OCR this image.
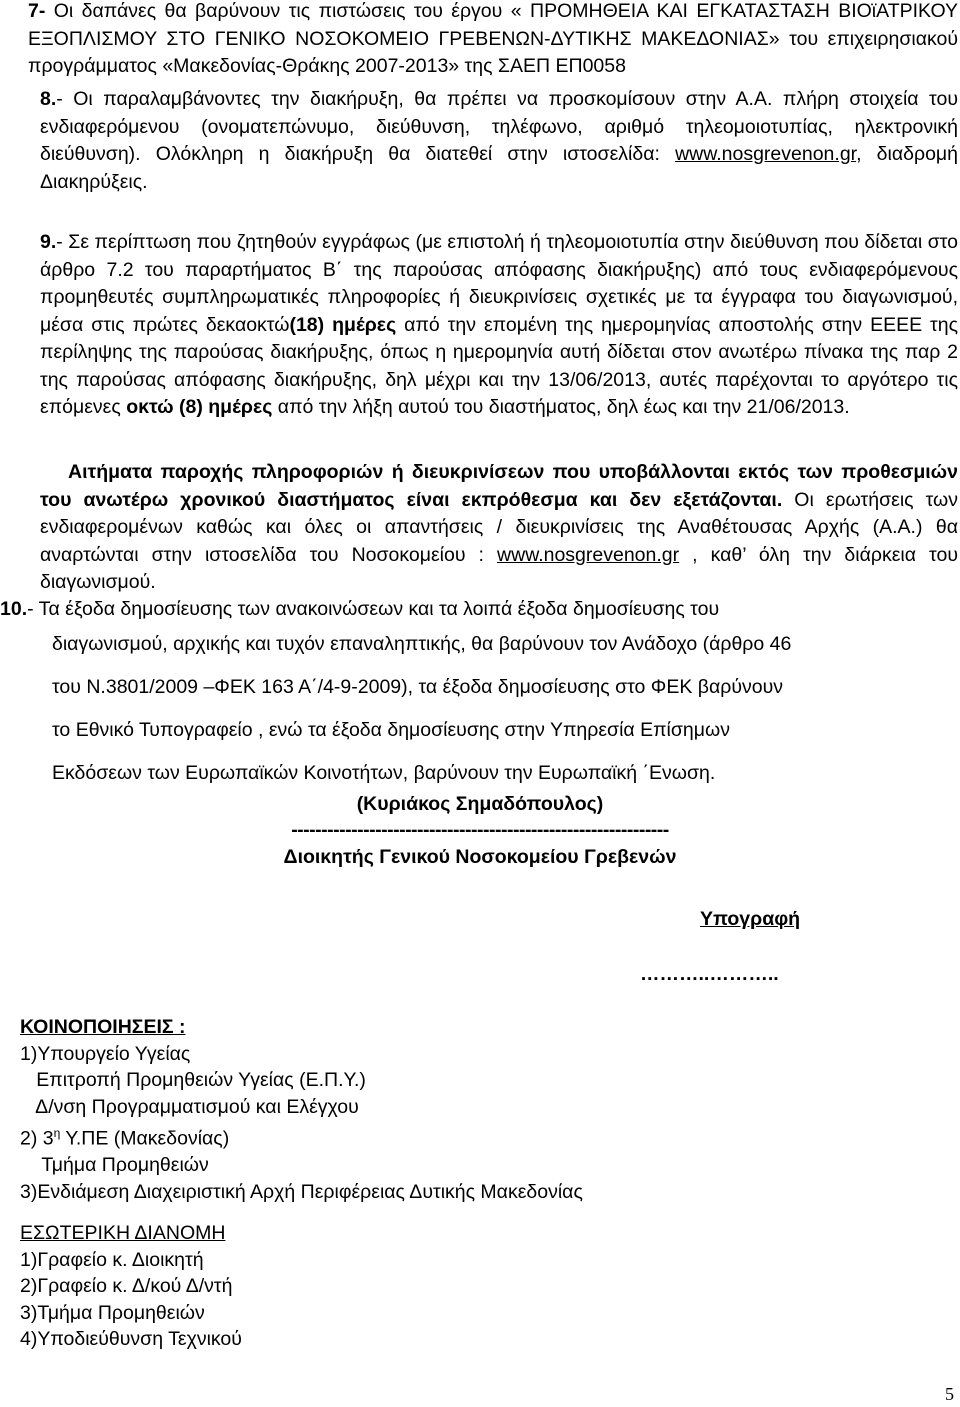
7- Οι δαπάνες θα βαρύνουν τις πιστώσεις του έργου « ΠΡΟΜΗΘΕΙΑ ΚΑΙ ΕΓΚΑΤΑΣΤΑΣΗ ΒΙΟϊΑΤΡΙΚΟΥ ΕΞΟΠΛΙΣΜΟΥ ΣΤΟ ΓΕΝΙΚΟ ΝΟΣΟΚΟΜΕΙΟ ΓΡΕΒΕΝΩΝ-ΔΥΤΙΚΗΣ ΜΑΚΕΔΟΝΙΑΣ» του επιχειρησιακού προγράμματος «Μακεδονίας-Θράκης 2007-2013» της ΣΑΕΠ ΕΠ0058

8.- Οι παραλαμβάνοντες την διακήρυξη, θα πρέπει να προσκομίσουν στην Α.Α. πλήρη στοιχεία του ενδιαφερόμενου (ονοματεπώνυμο, διεύθυνση, τηλέφωνο, αριθμό τηλεομοιοτυπίας, ηλεκτρονική διεύθυνση). Ολόκληρη η διακήρυξη θα διατεθεί στην ιστοσελίδα: www.nosgrevenon.gr, διαδρομή Διακηρύξεις.

9.- Σε περίπτωση που ζητηθούν εγγράφως (με επιστολή ή τηλεομοιοτυπία στην διεύθυνση που δίδεται στο άρθρο 7.2 του παραρτήματος Β΄ της παρούσας απόφασης διακήρυξης) από τους ενδιαφερόμενους προμηθευτές συμπληρωματικές πληροφορίες ή διευκρινίσεις σχετικές με τα έγγραφα του διαγωνισμού, μέσα στις πρώτες δεκαοκτώ(18) ημέρες από την επομένη της ημερομηνίας αποστολής στην ΕΕΕΕ της περίληψης της παρούσας διακήρυξης, όπως η ημερομηνία αυτή δίδεται στον ανωτέρω πίνακα της παρ 2 της παρούσας απόφασης διακήρυξης, δηλ μέχρι και την 13/06/2013, αυτές παρέχονται το αργότερο τις επόμενες οκτώ (8) ημέρες από την λήξη αυτού του διαστήματος, δηλ έως και την 21/06/2013.

Αιτήματα παροχής πληροφοριών ή διευκρινίσεων που υποβάλλονται εκτός των προθεσμιών του ανωτέρω χρονικού διαστήματος είναι εκπρόθεσμα και δεν εξετάζονται. Οι ερωτήσεις των ενδιαφερομένων καθώς και όλες οι απαντήσεις / διευκρινίσεις της Αναθέτουσας Αρχής (Α.Α.) θα αναρτώνται στην ιστοσελίδα του Νοσοκομείου : www.nosgrevenon.gr , καθ’ όλη την διάρκεια του διαγωνισμού.

10.- Τα έξοδα δημοσίευσης των ανακοινώσεων και τα λοιπά έξοδα δημοσίευσης του

διαγωνισμού, αρχικής και τυχόν επαναληπτικής, θα βαρύνουν τον Ανάδοχο (άρθρο 46

του Ν.3801/2009 –ΦΕΚ 163 Α΄/4-9-2009), τα έξοδα δημοσίευσης στο ΦΕΚ βαρύνουν

το Εθνικό Τυπογραφείο , ενώ τα έξοδα δημοσίευσης στην Υπηρεσία Επίσημων

Εκδόσεων των Ευρωπαϊκών Κοινοτήτων, βαρύνουν την Ευρωπαϊκή ΄Ενωση.

(Κυριάκος Σημαδόπουλος)

---------------------------------------------------------------

Διοικητής Γενικού Νοσοκομείου Γρεβενών

Υπογραφή

………..………..

ΚΟΙΝΟΠΟΙΗΣΕΙΣ :
1)Υπουργείο Υγείας
Επιτροπή Προμηθειών Υγείας (Ε.Π.Υ.)
Δ/νση Προγραμματισμού και Ελέγχου
2) $3^\eta$ Υ.ΠΕ (Μακεδονίας)
Τμήμα Προμηθειών
3)Ενδιάμεση Διαχειριστική Αρχή Περιφέρειας Δυτικής Μακεδονίας
ΕΣΩΤΕΡΙΚΗ ΔΙΑΝΟΜΗ
1)Γραφείο κ. Διοικητή
2)Γραφείο κ. Δ/κού Δ/ντή
3)Τμήμα Προμηθειών
4)Υποδιεύθυνση Τεχνικού
5
